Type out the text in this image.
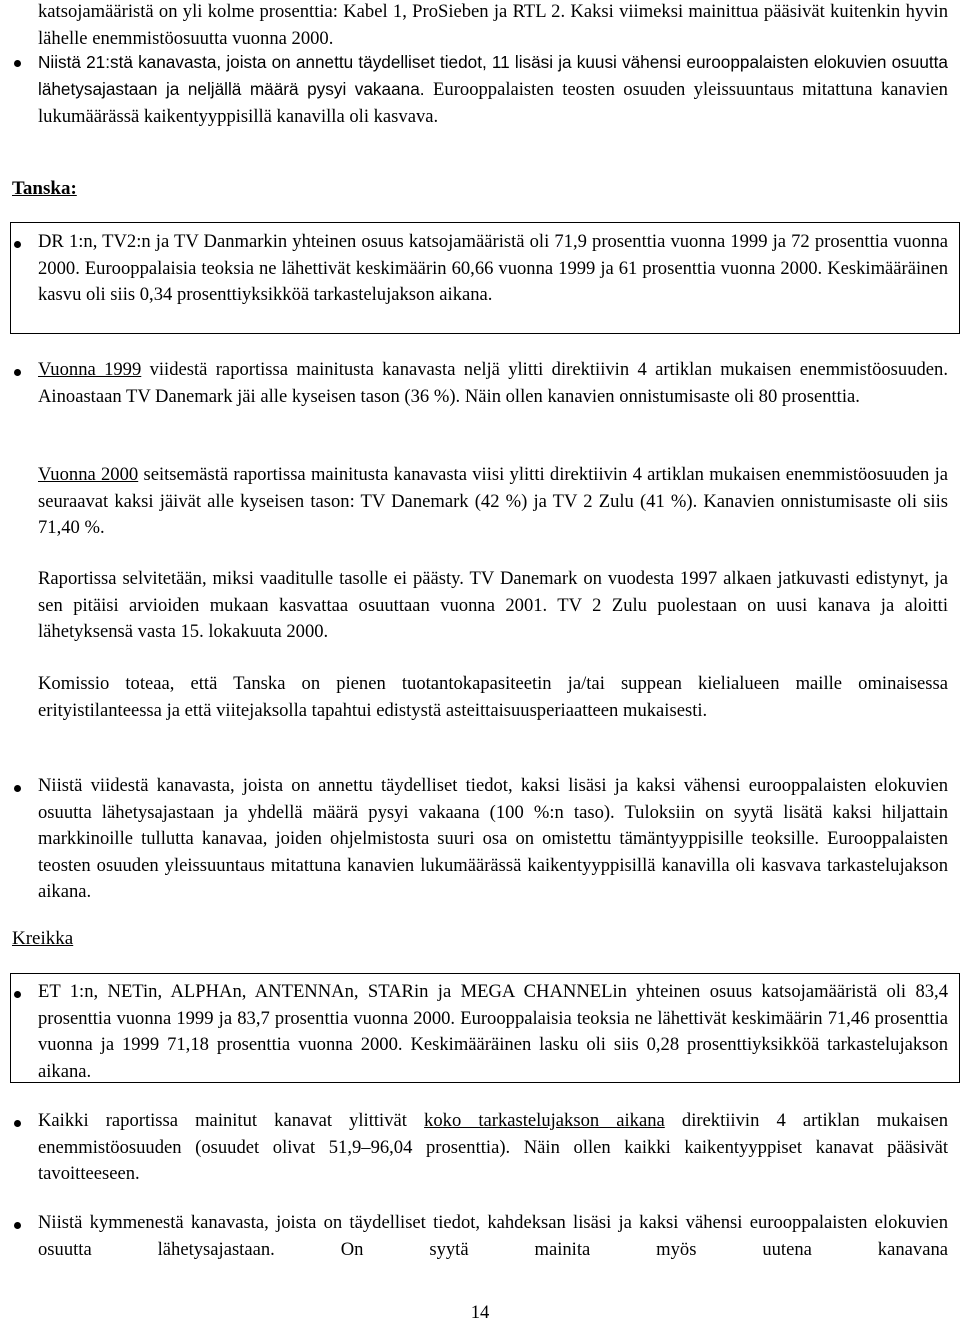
katsojamääristä on yli kolme prosenttia: Kabel 1, ProSieben ja RTL 2. Kaksi viimeksi mainittua pääsivät kuitenkin hyvin lähelle enemmistöosuutta vuonna 2000.

Niistä 21:stä kanavasta, joista on annettu täydelliset tiedot, 11 lisäsi ja kuusi vähensi eurooppalaisten elokuvien osuutta lähetysajastaan ja neljällä määrä pysyi vakaana. Eurooppalaisten teosten osuuden yleissuuntaus mitattuna kanavien lukumäärässä kaikentyyppisillä kanavilla oli kasvava.

Tanska:

DR 1:n, TV2:n ja TV Danmarkin yhteinen osuus katsojamääristä oli 71,9 prosenttia vuonna 1999 ja 72 prosenttia vuonna 2000. Eurooppalaisia teoksia ne lähettivät keskimäärin 60,66 vuonna 1999 ja 61 prosenttia vuonna 2000. Keskimääräinen kasvu oli siis 0,34 prosenttiyksikköä tarkastelujakson aikana.

Vuonna 1999 viidestä raportissa mainitusta kanavasta neljä ylitti direktiivin 4 artiklan mukaisen enemmistöosuuden. Ainoastaan TV Danemark jäi alle kyseisen tason (36 %). Näin ollen kanavien onnistumisaste oli 80 prosenttia.

Vuonna 2000 seitsemästä raportissa mainitusta kanavasta viisi ylitti direktiivin 4 artiklan mukaisen enemmistöosuuden ja seuraavat kaksi jäivät alle kyseisen tason: TV Danemark (42 %) ja TV 2 Zulu (41 %). Kanavien onnistumisaste oli siis 71,40 %.

Raportissa selvitetään, miksi vaaditulle tasolle ei päästy. TV Danemark on vuodesta 1997 alkaen jatkuvasti edistynyt, ja sen pitäisi arvioiden mukaan kasvattaa osuuttaan vuonna 2001. TV 2 Zulu puolestaan on uusi kanava ja aloitti lähetyksensä vasta 15. lokakuuta 2000.

Komissio toteaa, että Tanska on pienen tuotantokapasiteetin ja/tai suppean kielialueen maille ominaisessa erityistilanteessa ja että viitejaksolla tapahtui edistystä asteittaisuusperiaatteen mukaisesti.

Niistä viidestä kanavasta, joista on annettu täydelliset tiedot, kaksi lisäsi ja kaksi vähensi eurooppalaisten elokuvien osuutta lähetysajastaan ja yhdellä määrä pysyi vakaana (100 %:n taso). Tuloksiin on syytä lisätä kaksi hiljattain markkinoille tullutta kanavaa, joiden ohjelmistosta suuri osa on omistettu tämäntyyppisille teoksille. Eurooppalaisten teosten osuuden yleissuuntaus mitattuna kanavien lukumäärässä kaikentyyppisillä kanavilla oli kasvava tarkastelujakson aikana.

Kreikka

ET 1:n, NETin, ALPHAn, ANTENNAn, STARin ja MEGA CHANNELin yhteinen osuus katsojamääristä oli 83,4 prosenttia vuonna 1999 ja 83,7 prosenttia vuonna 2000. Eurooppalaisia teoksia ne lähettivät keskimäärin 71,46 prosenttia vuonna ja 1999 71,18 prosenttia vuonna 2000. Keskimääräinen lasku oli siis 0,28 prosenttiyksikköä tarkastelujakson aikana.

Kaikki raportissa mainitut kanavat ylittivät koko tarkastelujakson aikana direktiivin 4 artiklan mukaisen enemmistöosuuden (osuudet olivat 51,9–96,04 prosenttia). Näin ollen kaikki kaikentyyppiset kanavat pääsivät tavoitteeseen.

Niistä kymmenestä kanavasta, joista on täydelliset tiedot, kahdeksan lisäsi ja kaksi vähensi eurooppalaisten elokuvien osuutta lähetysajastaan. On syytä mainita myös uutena kanavana

14
